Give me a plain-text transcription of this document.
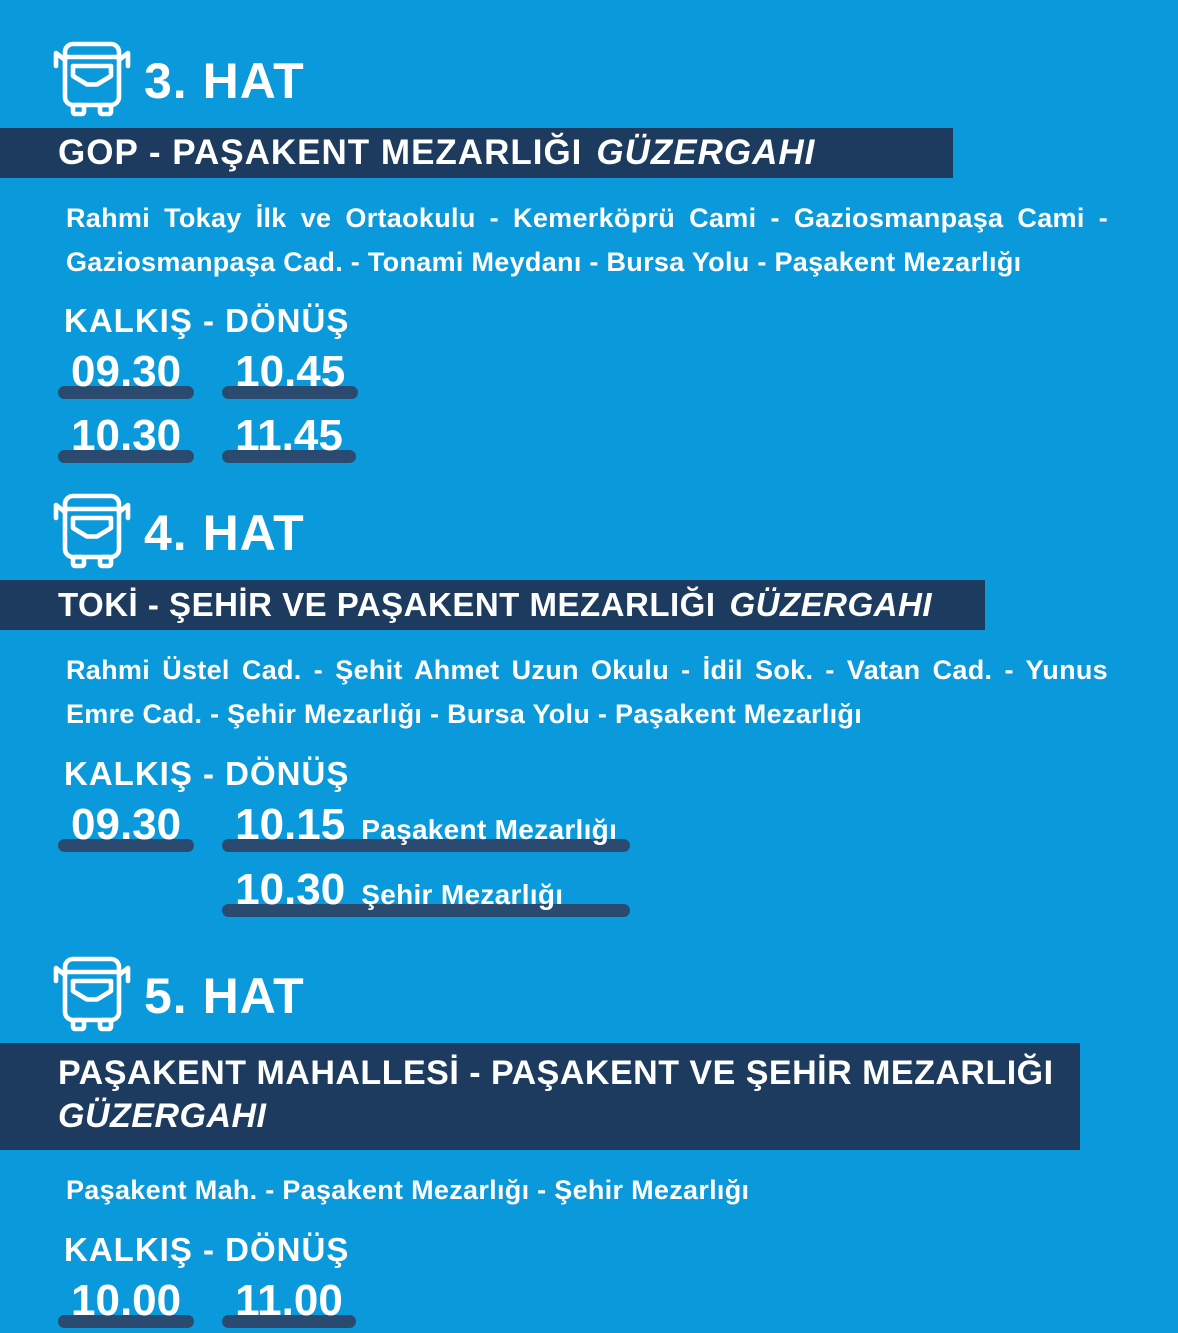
3. HAT
GOP - PAŞAKENT MEZARLIĞI GÜZERGAHI
Rahmi Tokay İlk ve Ortaokulu - Kemerköprü Cami - Gaziosmanpaşa Cami - Gaziosmanpaşa Cad. - Tonami Meydanı - Bursa Yolu - Paşakent Mezarlığı
KALKIŞ - DÖNÜŞ
09.30 10.45
10.30 11.45
4. HAT
TOKİ - ŞEHİR VE PAŞAKENT MEZARLIĞI GÜZERGAHI
Rahmi Üstel Cad. - Şehit Ahmet Uzun Okulu - İdil Sok. - Vatan Cad. - Yunus Emre Cad. - Şehir Mezarlığı - Bursa Yolu - Paşakent Mezarlığı
KALKIŞ - DÖNÜŞ
09.30 10.15 Paşakent Mezarlığı
10.30 Şehir Mezarlığı
5. HAT
PAŞAKENT MAHALLESİ - PAŞAKENT VE ŞEHİR MEZARLIĞI
GÜZERGAHI
Paşakent Mah. - Paşakent Mezarlığı - Şehir Mezarlığı
KALKIŞ - DÖNÜŞ
10.00 11.00
